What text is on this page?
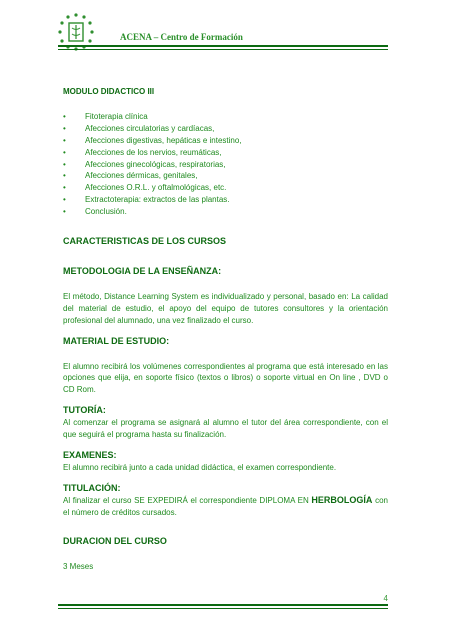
ACENA – Centro de Formación
MODULO DIDACTICO III
• Fitoterapia clínica
• Afecciones circulatorias y cardíacas,
• Afecciones digestivas, hepáticas e intestino,
• Afecciones de los nervios, reumáticas,
• Afecciones ginecológicas, respiratorias,
• Afecciones dérmicas, genitales,
• Afecciones O.R.L. y oftalmológicas, etc.
• Extractoterapia: extractos de las plantas.
• Conclusión.
CARACTERISTICAS DE LOS CURSOS
METODOLOGIA DE LA ENSEÑANZA:

El método, Distance Learning System es individualizado y personal, basado en: La calidad del material de estudio, el apoyo del equipo de tutores consultores y la orientación profesional del alumnado, una vez finalizado el curso.

MATERIAL DE ESTUDIO:

El alumno recibirá los volúmenes correspondientes al programa que está interesado en las opciones que elija, en soporte físico (textos o libros) o soporte virtual en On line , DVD o CD Rom.

TUTORÍA:

Al comenzar el programa se asignará al alumno el tutor del área correspondiente, con el que seguirá el programa hasta su finalización.

EXAMENES:

El alumno recibirá junto a cada unidad didáctica, el examen correspondiente.

TITULACIÓN:

Al finalizar el curso SE EXPEDIRÁ el correspondiente DIPLOMA EN HERBOLOGÍA con el número de créditos cursados.

DURACION DEL CURSO
3 Meses
4
